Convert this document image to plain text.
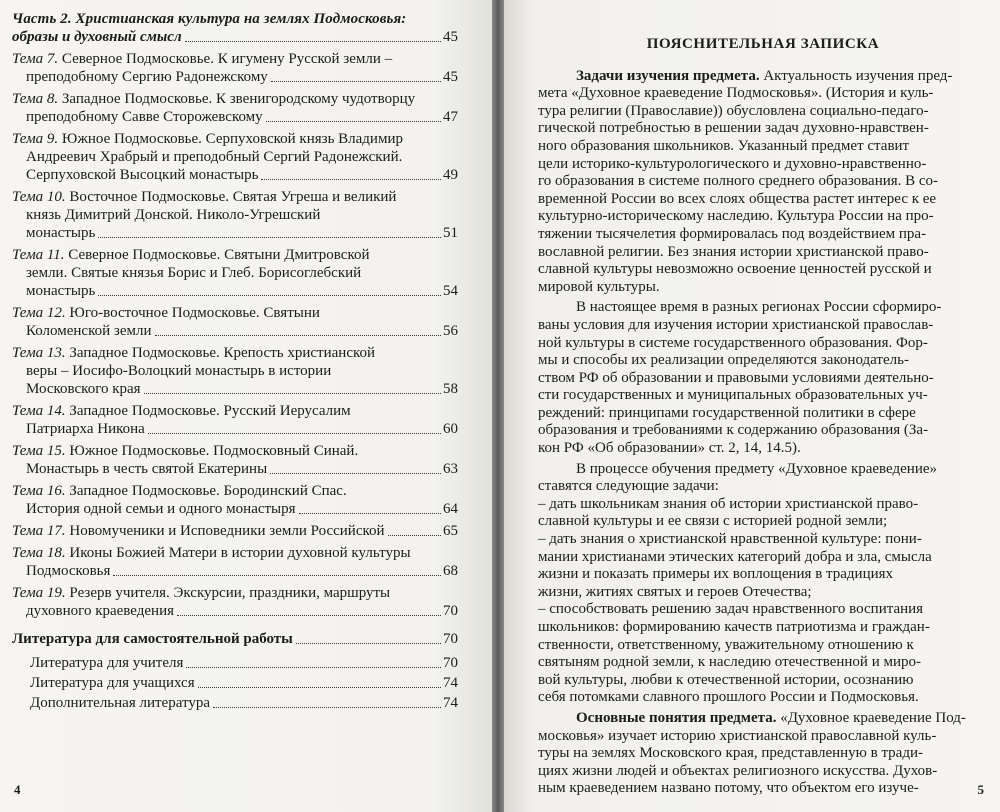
Часть 2. Христианская культура на землях Подмосковья:
образы и духовный смысл	45
Тема 7.
Северное Подмосковье. К игумену Русской земли –
преподобному Сергию Радонежскому	45
Тема 8.
Западное Подмосковье. К звенигородскому чудотворцу
преподобному Савве Сторожевскому	47
Тема 9.
Южное Подмосковье. Серпуховской князь Владимир
Андреевич Храбрый и преподобный Сергий Радонежский.
Серпуховской Высоцкий монастырь	49
Тема 10.
Восточное Подмосковье. Святая Угреша и великий
князь Димитрий Донской. Николо-Угрешский
монастырь	51
Тема 11.
Северное Подмосковье. Святыни Дмитровской
земли. Святые князья Борис и Глеб. Борисоглебский
монастырь	54
Тема 12.
Юго-восточное Подмосковье. Святыни
Коломенской земли	56
Тема 13.
Западное Подмосковье. Крепость христианской
веры – Иосифо-Волоцкий монастырь в истории
Московского края	58
Тема 14.
Западное Подмосковье. Русский Иерусалим
Патриарха Никона	60
Тема 15.
Южное Подмосковье. Подмосковный Синай.
Монастырь в честь святой Екатерины	63
Тема 16.
Западное Подмосковье. Бородинский Спас.
История одной семьи и одного монастыря	64
Тема 17.
Новомученики и Исповедники земли Российской	65
Тема 18.
Иконы Божией Матери в истории духовной культуры
Подмосковья	68
Тема 19.
Резерв учителя. Экскурсии, праздники, маршруты
духовного краеведения	70
Литература для самостоятельной работы	70
Литература для учителя	70
Литература для учащихся	74
Дополнительная литература	74
4
ПОЯСНИТЕЛЬНАЯ ЗАПИСКА

Задачи изучения предмета. Актуальность изучения пред-

мета «Духовное краеведение Подмосковья». (История и куль-

тура религии (Православие)) обусловлена социально-педаго-

гической потребностью в решении задач духовно-нравствен-

ного образования школьников. Указанный предмет ставит

цели историко-культурологического и духовно-нравственно-

го образования в системе полного среднего образования. В со-

временной России во всех слоях общества растет интерес к ее

культурно-историческому наследию. Культура России на про-

тяжении тысячелетия формировалась под воздействием пра-

вославной религии. Без знания истории христианской право-

славной культуры невозможно освоение ценностей русской и

мировой культуры.

В настоящее время в разных регионах России сформиро-

ваны условия для изучения истории христианской православ-

ной культуры в системе государственного образования. Фор-

мы и способы их реализации определяются законодатель-

ством РФ об образовании и правовыми условиями деятельно-

сти государственных и муниципальных образовательных уч-

реждений: принципами государственной политики в сфере

образования и требованиями к содержанию образования (За-

кон РФ «Об образовании» ст. 2, 14, 14.5).

В процессе обучения предмету «Духовное краеведение»

ставятся следующие задачи:

– дать школьникам знания об истории христианской право-

славной культуры и ее связи с историей родной земли;

– дать знания о христианской нравственной культуре: пони-

мании христианами этических категорий добра и зла, смысла

жизни и показать примеры их воплощения в традициях

жизни, житиях святых и героев Отечества;

– способствовать решению задач нравственного воспитания

школьников: формированию качеств патриотизма и граждан-

ственности, ответственному, уважительному отношению к

святыням родной земли, к наследию отечественной и миро-

вой культуры, любви к отечественной истории, осознанию

себя потомками славного прошлого России и Подмосковья.

Основные понятия предмета. «Духовное краеведение Под-

московья» изучает историю христианской православной куль-

туры на землях Московского края, представленную в тради-

циях жизни людей и объектах религиозного искусства. Духов-

ным краеведением названо потому, что объектом его изуче-	5
